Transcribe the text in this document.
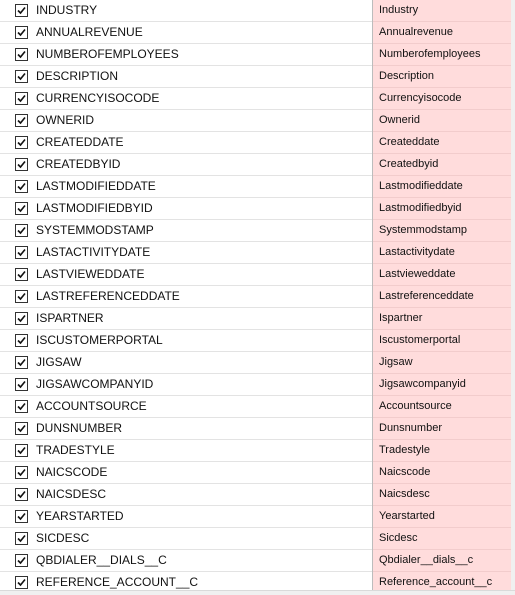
INDUSTRY	Industry
ANNUALREVENUE	Annualrevenue
NUMBEROFEMPLOYEES	Numberofemployees
DESCRIPTION	Description
CURRENCYISOCODE	Currencyisocode
OWNERID	Ownerid
CREATEDDATE	Createddate
CREATEDBYID	Createdbyid
LASTMODIFIEDDATE	Lastmodifieddate
LASTMODIFIEDBYID	Lastmodifiedbyid
SYSTEMMODSTAMP	Systemmodstamp
LASTACTIVITYDATE	Lastactivitydate
LASTVIEWEDDATE	Lastvieweddate
LASTREFERENCEDDATE	Lastreferenceddate
ISPARTNER	Ispartner
ISCUSTOMERPORTAL	Iscustomerportal
JIGSAW	Jigsaw
JIGSAWCOMPANYID	Jigsawcompanyid
ACCOUNTSOURCE	Accountsource
DUNSNUMBER	Dunsnumber
TRADESTYLE	Tradestyle
NAICSCODE	Naicscode
NAICSDESC	Naicsdesc
YEARSTARTED	Yearstarted
SICDESC	Sicdesc
QBDIALER__DIALS__C	Qbdialer__dials__c
REFERENCE_ACCOUNT__C	Reference_account__c
